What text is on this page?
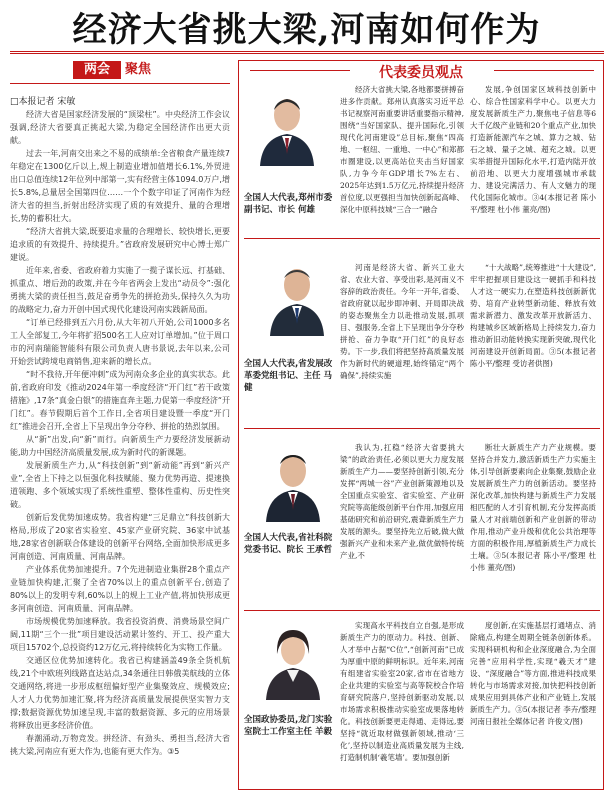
经济大省挑大梁,河南如何作为
两会	聚焦
□本报记者 宋敏

经济大省是国家经济发展的“顶梁柱”。中央经济工作会议强调,经济大省要真正挑起大梁,为稳定全国经济作出更大贡献。

过去一年,河南交出来之不易的成绩单:全省粮食产量连续7年稳定在1300亿斤以上,规上制造业增加值增长6.1%,外贸进出口总值连续12年位列中部第一,实有经营主体1094.0万户,增长5.8%,总量居全国第四位……一个个数字印证了河南作为经济大省的担当,折射出经济实现了质的有效提升、量的合理增长,势的蓄积壮大。

“经济大省挑大梁,既要追求量的合理增长、较快增长,更要追求质的有效提升、持续提升。”省政府发展研究中心博士郑广建说。

近年来,省委、省政府着力实施了一揽子谋长远、打基础、抓重点、增后劲的政策,并在今年省两会上发出“动员令”:强化勇挑大梁的责任担当,鼓足奋勇争先的拼抢劲头,保持久久为功的战略定力,奋力开创中国式现代化建设河南实践新局面。

“订单已经排到五六月份,从大年初八开始,公司1000多名工人全部复工,今年将扩招500名工人应对订单增加。”位于周口市的河南瑞能智能科有限公司负责人唐书景说,去年以来,公司开始尝试跨境电商销售,迎来新的增长点。

“时不我待,开年便冲刺”成为河南众多企业的真实状态。此前,省政府印发《推动2024年第一季度经济“开门红”若干政策措施》,17条“真金白银”的措施直奔主题,力促第一季度经济“开门红”。春节假期后首个工作日,全省项目建设暨一季度“开门红”推进会召开,全省上下呈现出争分夺秒、拼抢的热烈氛围。

从“新”出发,向“新”而行。向新质生产力要经济发展新动能,助力中国经济高质量发展,成为新时代的新课题。

发展新质生产力,从“科技创新”到“新动能”再到“新兴产业”,全省上下持之以恒强化科技赋能、聚力优势再造、提速换道领跑、多个领域实现了系统性重塑、整体性重构、历史性突破。

创新后发优势加速成势。我省构建“三足鼎立”科技创新大格局,形成了20家省实验室、45家产业研究院、36家中试基地,28家省创新联合体建设的创新平台网络,全面加快形成更多河南创造、河南质量、河南品牌。

产业体系优势加速提升。7个先进制造业集群28个重点产业链加快构建,汇聚了全省70%以上的重点创新平台,创造了80%以上的发明专利,60%以上的规上工业产值,将加快形成更多河南创造、河南质量、河南品牌。

市场规模优势加速释放。我省投资消费、消费场景空间广阔,11期“三个一批”项目建设活动累计签约、开工、投产重大项目15702个,总投资约12万亿元,将持续转化为实物工作量。

交通区位优势加速转化。我省已构建涵盖49条全货机航线,21个中欧班列线路直达站点,34条通往日韩俄美航线的立体交通网络,将进一步形成枢纽偏好型产业集聚效应、规模效应;人才人力优势加速汇聚,将为经济高质量发展提供坚实智力支撑;数据资源优势加速呈现,丰富的数据资源、多元的应用场景将释放出更多经济价值。

春潮涌动,万物竞发。拼经济、有劲头、勇担当,经济大省挑大梁,河南应有更大作为,也能有更大作为。③5

代表委员观点
全国人大代表,郑州市委副书记、市长 何雄

经济大省挑大梁,各地都要拼搏奋进多作贡献。郑州认真落实习近平总书记视察河南重要讲话重要指示精神,围绕“当好国家队、提升国际化,引领现代化河南建设”总目标,聚焦“四高地、一枢纽、一重地、一中心”和郑都市圈建设,以更高站位夹击当好国家队,力争今年GDP增长7%左右、2025年达到1.5万亿元,持续提升经济首位度,以更强担当加快创新起高峰、深化中原科技城“三合一”融合

发展,争创国家区域科技创新中心、综合性国家科学中心。以更大力度发展新质生产力,聚焦电子信息等6大千亿级产业链和20个重点产业,加快打造新能源汽车之城、算力之城、钻石之城、量子之城、超充之城。以更实举措提升国际化水平,打造内陆开放前沿地、以更大力度增强城市承载力、建设完满活力、有人文魅力的现代化国际化城市。③4(本报记者 陈小平/整理 杜小伟 董亮/图)

全国人大代表,省发展改革委党组书记、主任 马健

河南是经济大省、新兴工业大省、农业大省、享受出彩,是河南义不容辞的政治责任。今年一开年,省委、省政府就以起步即冲刺、开局即决战的姿态聚焦全力以赴推动发展,抓项目、强服务,全省上下呈现出争分夺秒拼抢、奋力争取“开门红”的良好态势。下一步,我们将把坚持高质量发展作为新时代的硬道理,始终锚定“两个确保”,持续实施

“十大战略”,统筹推进“十大建设”,牢牢把握项目建设这一硬抓手和科技人才这一硬实力,在塑造科技创新新优势、培育产业转型新动能、释放有效需求新潜力、激发改革开放新活力、构建城乡区域新格局上持续发力,奋力推动新旧动能转换实现新突破,现代化河南建设开创新局面。③5(本报记者 陈小平/整理 受访者供图)

全国人大代表,省社科院党委书记、院长 王承哲

我认为,扛稳“经济大省要挑大梁”的政治责任,必须以更大力度发展新质生产力——要坚持创新引领,充分发挥“两城一谷”产业创新策源地以及全国重点实验室、省实验室、产业研究院等高能级创新平台作用,加强应用基础研究和前沿研究,震聋新质生产力发展的源头。要坚持先立后破,做大做强新兴产业和未来产业,做优做特传统产业,不

断壮大新质生产力产业规模。要坚持合并发力,激活新质生产力实施主体,引导创新要素向企业集聚,鼓励企业发展新质生产力的创新活动。要坚持深化改革,加快构建与新质生产力发展相匹配的人才引育机制,充分发挥高质量人才对前端创新和产业创新的带动作用,推动产业升级和优化公共治理等方面的积极作用,厚植新质生产力成长土壤。③5(本报记者 陈小平/整理 杜小伟 董亮/图)

全国政协委员,龙门实验室院士工作室主任 羊毅

实现高水平科技自立自强,是形成新质生产力的原动力。科技、创新、人才举中占据“C位”,“创新河南”已成为厚重中原的鲜明标识。近年来,河南有组建省实验室20家,省市在省地方企业共建的实验室与高等院校合作培育研究院落户,坚持创新驱动发展,以市场需求积极推动实验室成果落地转化。科技创新要更走得通、走得远,要坚持“就近取材做强新领域,推动‘三化’,坚持以制造业高质量发展为主线,打造制机制‘羲笔墙’。要加强创新

度创新,在实施基层打通堵点、消除痛点,构建全周期全链条创新体系。实现科研机构和企业深度融合,为全面完善“应用科学性,实现“羲天才”建设、“深度融合”等方面,推进科技成果转化与市场需求对接,加快把科技创新成果应用到具体产业和产业链上,发展新质生产力。③5(本报记者 李卉/整理 河南日报社全媒体记者 许俊文/图)
